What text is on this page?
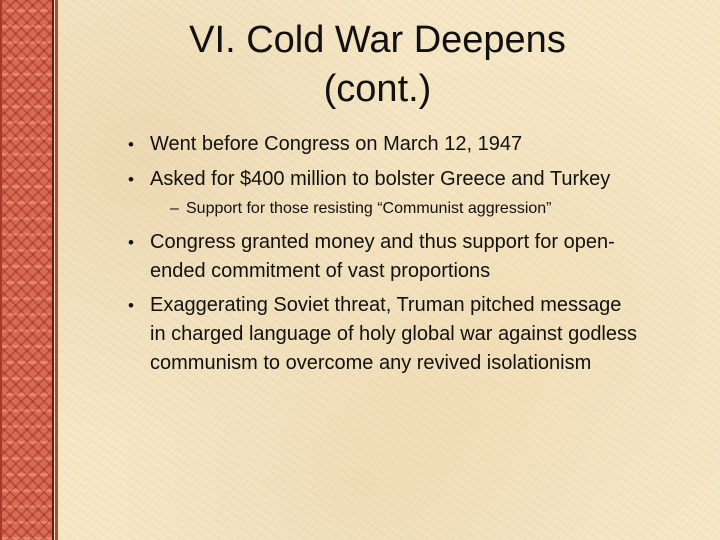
VI. Cold War Deepens
(cont.)
• Went before Congress on March 12, 1947
• Asked for $400 million to bolster Greece and Turkey
– Support for those resisting “Communist aggression”
• Congress granted money and thus support for open-
ended commitment of vast proportions
• Exaggerating Soviet threat, Truman pitched message
in charged language of holy global war against godless
communism to overcome any revived isolationism
